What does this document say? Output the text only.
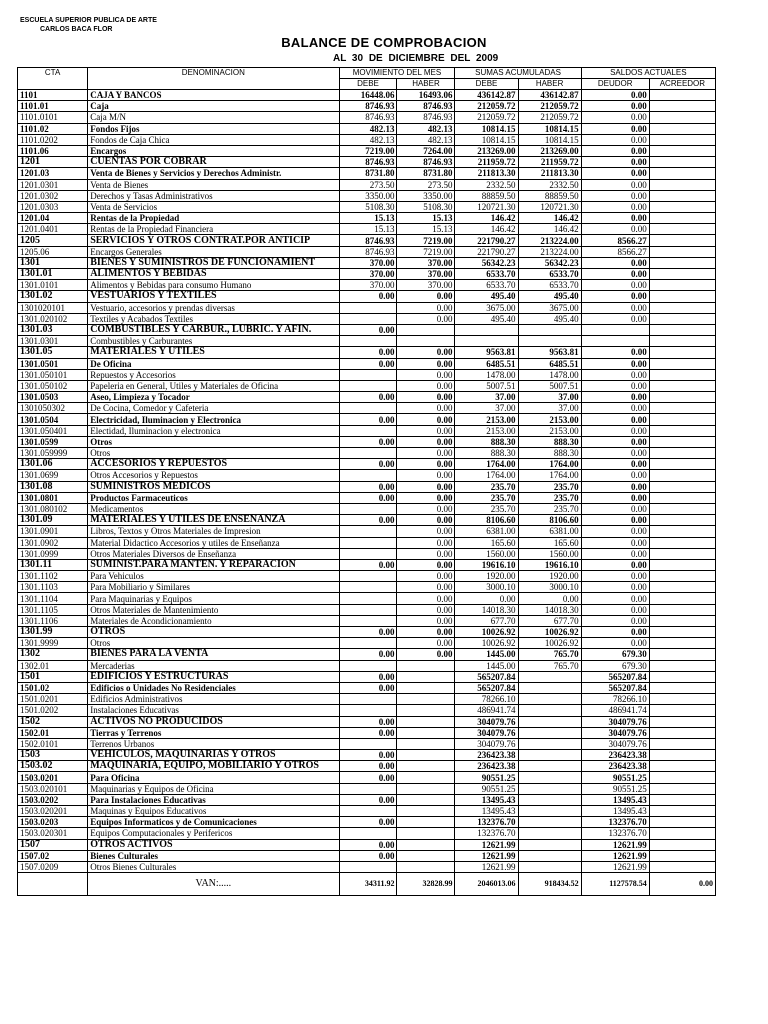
ESCUELA SUPERIOR PUBLICA DE ARTE
CARLOS BACA FLOR
BALANCE DE COMPROBACION
AL 30 DE DICIEMBRE DEL 2009
CTA	DENOMINACION	MOVIMIENTO DEL MES		SUMAS ACUMULADAS		SALDOS ACTUALES	
		DEBE	HABER	DEBE	HABER	DEUDOR	ACREEDOR
1101	CAJA Y BANCOS	16448.06	16493.06	436142.87	436142.87	0.00	
1101.01	Caja	8746.93	8746.93	212059.72	212059.72	0.00	
1101.0101	Caja M/N	8746.93	8746.93	212059.72	212059.72	0.00	
1101.02	Fondos Fijos	482.13	482.13	10814.15	10814.15	0.00	
1101.0202	Fondos de Caja Chica	482.13	482.13	10814.15	10814.15	0.00	
1101.06	Encargos	7219.00	7264.00	213269.00	213269.00	0.00	
1201	CUENTAS POR COBRAR	8746.93	8746.93	211959.72	211959.72	0.00	
1201.03	Venta de Bienes y Servicios y Derechos Administr.	8731.80	8731.80	211813.30	211813.30	0.00	
1201.0301	Venta de Bienes	273.50	273.50	2332.50	2332.50	0.00	
1201.0302	Derechos y Tasas Administrativos	3350.00	3350.00	88859.50	88859.50	0.00	
1201.0303	Venta de Servicios	5108.30	5108.30	120721.30	120721.30	0.00	
1201.04	Rentas de la Propiedad	15.13	15.13	146.42	146.42	0.00	
1201.0401	Rentas de la Propiedad Financiera	15.13	15.13	146.42	146.42	0.00	
1205	SERVICIOS Y OTROS CONTRAT.POR ANTICIP	8746.93	7219.00	221790.27	213224.00	8566.27	
1205.06	Encargos Generales	8746.93	7219.00	221790.27	213224.00	8566.27	
1301	BIENES Y SUMINISTROS DE FUNCIONAMIENT	370.00	370.00	56342.23	56342.23	0.00	
1301.01	ALIMENTOS Y BEBIDAS	370.00	370.00	6533.70	6533.70	0.00	
1301.0101	Alimentos y Bebidas para consumo Humano	370.00	370.00	6533.70	6533.70	0.00	
1301.02	VESTUARIOS Y TEXTILES	0.00	0.00	495.40	495.40	0.00	
1301020101	Vestuario, accesorios y prendas diversas		0.00	3675.00	3675.00	0.00	
1301.020102	Textiles y Acabados Textiles		0.00	495.40	495.40	0.00	
1301.03	COMBUSTIBLES Y CARBUR., LUBRIC. Y AFIN.	0.00					
1301.0301	Combustibles y Carburantes						
1301.05	MATERIALES Y UTILES	0.00	0.00	9563.81	9563.81	0.00	
1301.0501	De Oficina	0.00	0.00	6485.51	6485.51	0.00	
1301.050101	Repuestos y Accesorios		0.00	1478.00	1478.00	0.00	
1301.050102	Papeleria en General, Utiles y Materiales de Oficina		0.00	5007.51	5007.51	0.00	
1301.0503	Aseo, Limpieza y Tocador	0.00	0.00	37.00	37.00	0.00	
1301050302	De Cocina, Comedor y Cafeteria		0.00	37.00	37.00	0.00	
1301.0504	Electricidad, Iluminacion y Electronica	0.00	0.00	2153.00	2153.00	0.00	
1301.050401	Electidad, Iluminacion y electronica		0.00	2153.00	2153.00	0.00	
1301.0599	Otros	0.00	0.00	888.30	888.30	0.00	
1301.059999	Otros		0.00	888.30	888.30	0.00	
1301.06	ACCESORIOS Y REPUESTOS	0.00	0.00	1764.00	1764.00	0.00	
1301.0699	Otros Accesorios y Repuestos		0.00	1764.00	1764.00	0.00	
1301.08	SUMINISTROS MEDICOS	0.00	0.00	235.70	235.70	0.00	
1301.0801	Productos Farmaceuticos	0.00	0.00	235.70	235.70	0.00	
1301.080102	Medicamentos		0.00	235.70	235.70	0.00	
1301.09	MATERIALES Y UTILES DE ENSENANZA	0.00	0.00	8106.60	8106.60	0.00	
1301.0901	Libros, Textos y Otros Materiales de Impresion		0.00	6381.00	6381.00	0.00	
1301.0902	Material Didactico Accesorios y utiles de Enseñanza		0.00	165.60	165.60	0.00	
1301.0999	Otros Materiales Diversos de Enseñanza		0.00	1560.00	1560.00	0.00	
1301.11	SUMINIST.PARA MANTEN. Y REPARACION	0.00	0.00	19616.10	19616.10	0.00	
1301.1102	Para Vehiculos		0.00	1920.00	1920.00	0.00	
1301.1103	Para Mobiliario y Similares		0.00	3000.10	3000.10	0.00	
1301.1104	Para Maquinarias y Equipos		0.00	0.00	0.00	0.00	
1301.1105	Otros Materiales de Mantenimiento		0.00	14018.30	14018.30	0.00	
1301.1106	Materiales de Acondicionamiento		0.00	677.70	677.70	0.00	
1301.99	OTROS	0.00	0.00	10026.92	10026.92	0.00	
1301.9999	Otros		0.00	10026.92	10026.92	0.00	
1302	BIENES PARA LA VENTA	0.00	0.00	1445.00	765.70	679.30	
1302.01	Mercaderias			1445.00	765.70	679.30	
1501	EDIFICIOS Y ESTRUCTURAS	0.00		565207.84		565207.84	
1501.02	Edificios o Unidades No Residenciales	0.00		565207.84		565207.84	
1501.0201	Edificios Administrativos			78266.10		78266.10	
1501.0202	Instalaciones Educativas			486941.74		486941.74	
1502	ACTIVOS NO PRODUCIDOS	0.00		304079.76		304079.76	
1502.01	Tierras y Terrenos	0.00		304079.76		304079.76	
1502.0101	Terrenos Urbanos			304079.76		304079.76	
1503	VEHICULOS, MAQUINARIAS Y OTROS	0.00		236423.38		236423.38	
1503.02	MAQUINARIA, EQUIPO, MOBILIARIO Y OTROS	0.00		236423.38		236423.38	
1503.0201	Para Oficina	0.00		90551.25		90551.25	
1503.020101	Maquinarias y Equipos de Oficina			90551.25		90551.25	
1503.0202	Para Instalaciones Educativas	0.00		13495.43		13495.43	
1503.020201	Maquinas y Equipos Educativos			13495.43		13495.43	
1503.0203	Equipos Informaticos y de Comunicaciones	0.00		132376.70		132376.70	
1503.020301	Equipos Computacionales y Perifericos			132376.70		132376.70	
1507	OTROS ACTIVOS	0.00		12621.99		12621.99	
1507.02	Bienes Culturales	0.00		12621.99		12621.99	
1507.0209	Otros Bienes Culturales			12621.99		12621.99	
	VAN:.....	34311.92	32828.99	2046013.06	918434.52	1127578.54	0.00
